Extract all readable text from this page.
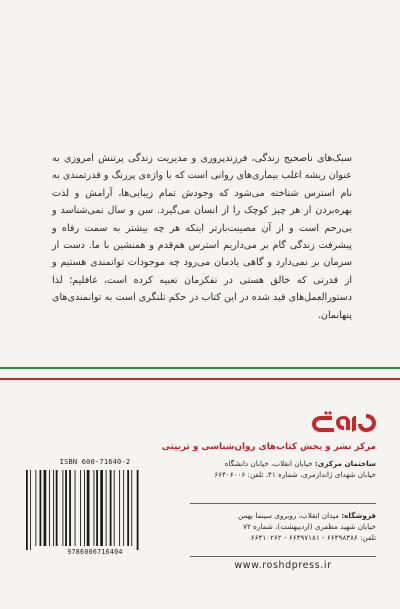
سبک‌های ناصحیح زندگی، فرزندپروری و مدیریت زندگی پرتنش امروزی به عنوان ریشه اغلب بیماری‌های روانی است که با واژه‌ی پررنگ و قدرتمندی به نام استرس شناخته می‌شود که وجودش تمام زیبایی‌ها، آرامش و لذت بهره‌بردن از هر چیز کوچک را از انسان می‌گیرد. سن و سال نمی‌شناسد و بی‌رحم است و از آن مصیبت‌بارتر اینکه هر چه بیشتر به سمت رفاه و پیشرفت زندگی گام بر می‌داریم استرس هم‌قدم و همنشین با ما. دست از سرمان بر نمی‌دارد و گاهی یادمان می‌رود چه موجودات توانمندی هستیم و از قدرتی که خالق هستی در تفکرمان تعبیه کرده است، غافلیم؛ لذا دستورالعمل‌های قید شده در این کتاب در حکم تلنگری است به توانمندی‌های پنهانمان.

مرکز نشر و پخش کتاب‌های روان‌شناسی و تربیتی

ساختمان مرکزی: خیابان انقلاب، خیابان دانشگاه

خیابان شهدای ژاندارمری، شماره ۴۱، تلفن: ۶۶۴۰۶۰۰۶

فروشگاه: میدان انقلاب، روبروی سینما بهمن

خیابان شهید مظفری (اردیبهشت)، شماره ۷۲

تلفن: ۶۶۴۹۸۳۸۶ - ۶۶۴۹۷۱۸۱ - ۶۶۴۱۰۲۶۲

www.roshdpress.ir
ISBN 600-71640-2
9786006716404
